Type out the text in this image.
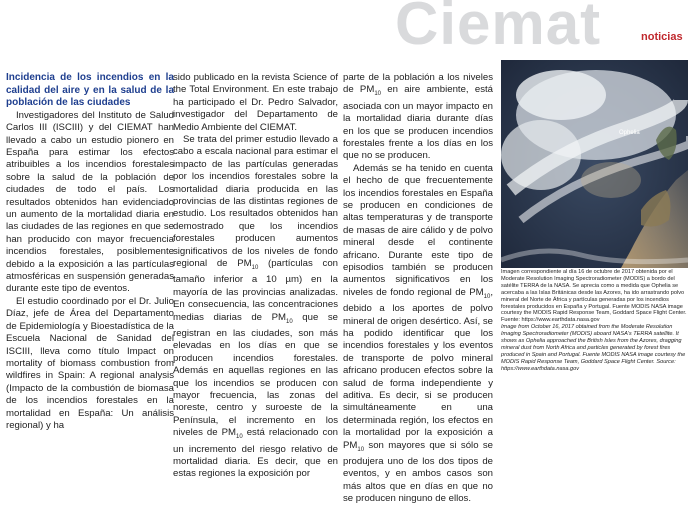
Ciemat	noticias

Incidencia de los incendios en la calidad del aire y en la salud de la población de las ciudades

Investigadores del Instituto de Salud Carlos III (ISCIII) y del CIEMAT han llevado a cabo un estudio pionero en España para estimar los efectos atribuibles a los incendios forestales sobre la salud de la población de ciudades de todo el país. Los resultados obtenidos han evidenciado un aumento de la mortalidad diaria en las ciudades de las regiones en que se han producido con mayor frecuencia incendios forestales, posiblemente debido a la exposición a las partículas atmosféricas en suspensión generadas durante este tipo de eventos.

El estudio coordinado por el Dr. Julio Díaz, jefe de Área del Departamento de Epidemiología y Bioestadística de la Escuela Nacional de Sanidad del ISCIII, lleva como título Impact on mortality of biomass combustion from wildfires in Spain: A regional analysis (Impacto de la combustión de biomasa de los incendios forestales en la mortalidad en España: Un análisis regional) y ha

sido publicado en la revista Science of the Total Environment. En este trabajo ha participado el Dr. Pedro Salvador, investigador del Departamento de Medio Ambiente del CIEMAT.

Se trata del primer estudio llevado a cabo a escala nacional para estimar el impacto de las partículas generadas por los incendios forestales sobre la mortalidad diaria producida en las provincias de las distintas regiones de estudio. Los resultados obtenidos han demostrado que los incendios forestales producen aumentos significativos de los niveles de fondo regional de $PM_{10}$ (partículas con tamaño inferior a 10 µm) en la mayoría de las provincias analizadas. En consecuencia, las concentraciones medias diarias de $PM_{10}$ que se registran en las ciudades, son más elevadas en los días en que se producen incendios forestales. Además en aquellas regiones en las que los incendios se producen con mayor frecuencia, las zonas del noreste, centro y suroeste de la Península, el incremento en los niveles de $PM_{10}$ está relacionado con un incremento del riesgo relativo de mortalidad diaria. Es decir, que en estas regiones la exposición por

parte de la población a los niveles de $PM_{10}$ en aire ambiente, está asociada con un mayor impacto en la mortalidad diaria durante días en los que se producen incendios forestales frente a los días en los que no se producen.

Además se ha tenido en cuenta el hecho de que frecuentemente los incendios forestales en España se producen en condiciones de altas temperaturas y de transporte de masas de aire cálido y de polvo mineral desde el continente africano. Durante este tipo de episodios también se producen aumentos significativos en los niveles de fondo regional de $PM_{10}$, debido a los aportes de polvo mineral de origen desértico. Así, se ha podido identificar que los incendios forestales y los eventos de transporte de polvo mineral africano producen efectos sobre la salud de forma independiente y aditiva. Es decir, si se producen simultáneamente en una determinada región, los efectos en la mortalidad por la exposición a $PM_{10}$ son mayores que si sólo se produjera uno de los dos tipos de eventos, y en ambos casos son más altos que en días en que no se producen ninguno de ellos.

Ophelia

Imagen correspondiente al día 16 de octubre de 2017 obtenida por el Moderate Resolution Imaging Spectroradiometer (MODIS) a bordo del satélite TERRA de la NASA. Se aprecia como a medida que Ophelia se acercaba a las Islas Británicas desde las Azores, ha ido arrastrando polvo mineral del Norte de África y partículas generadas por los incendios forestales producidos en España y Portugal. Fuente MODIS NASA image courtesy the MODIS Rapid Response Team, Goddard Space Flight Center. Fuente: https://www.earthdata.nasa.gov

Image from October 16, 2017 obtained from the Moderate Resolution Imaging Spectroradiometer (MODIS) aboard NASA's TERRA satellite. It shows as Ophelia approached the British Isles from the Azores, dragging mineral dust from North Africa and particles generated by forest fires produced in Spain and Portugal. Fuente MODIS NASA image courtesy the MODIS Rapid Response Team, Goddard Space Flight Center. Source: https://www.earthdata.nasa.gov
